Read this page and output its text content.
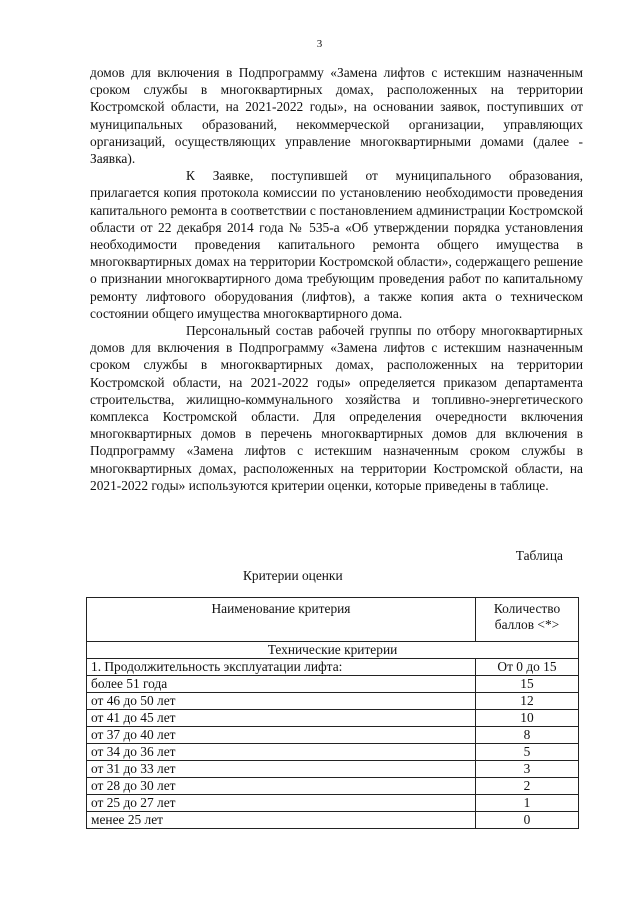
3

домов для включения в Подпрограмму «Замена лифтов с истекшим назначенным сроком службы в многоквартирных домах, расположенных на территории Костромской области, на 2021-2022 годы», на основании заявок, поступивших от муниципальных образований, некоммерческой организации, управляющих организаций, осуществляющих управление многоквартирными домами (далее - Заявка).

К Заявке, поступившей от муниципального образования, прилагается копия протокола комиссии по установлению необходимости проведения капитального ремонта в соответствии с постановлением администрации Костромской области от 22 декабря 2014 года № 535-а «Об утверждении порядка установления необходимости проведения капитального ремонта общего имущества в многоквартирных домах на территории Костромской области», содержащего решение о признании многоквартирного дома требующим проведения работ по капитальному ремонту лифтового оборудования (лифтов), а также копия акта о техническом состоянии общего имущества многоквартирного дома.

Персональный состав рабочей группы по отбору многоквартирных домов для включения в Подпрограмму «Замена лифтов с истекшим назначенным сроком службы в многоквартирных домах, расположенных на территории Костромской области, на 2021-2022 годы» определяется приказом департамента строительства, жилищно-коммунального хозяйства и топливно-энергетического комплекса Костромской области. Для определения очередности включения многоквартирных домов в перечень многоквартирных домов для включения в Подпрограмму «Замена лифтов с истекшим назначенным сроком службы в многоквартирных домах, расположенных на территории Костромской области, на 2021-2022 годы» используются критерии оценки, которые приведены в таблице.

Таблица
Критерии оценки
Наименование критерия	Количество баллов <*>
Технические критерии	
1. Продолжительность эксплуатации лифта:	От 0 до 15
более 51 года	15
от 46 до 50 лет	12
от 41 до 45 лет	10
от 37 до 40 лет	8
от 34 до 36 лет	5
от 31 до 33 лет	3
от 28 до 30 лет	2
от 25 до 27 лет	1
менее 25 лет	0
